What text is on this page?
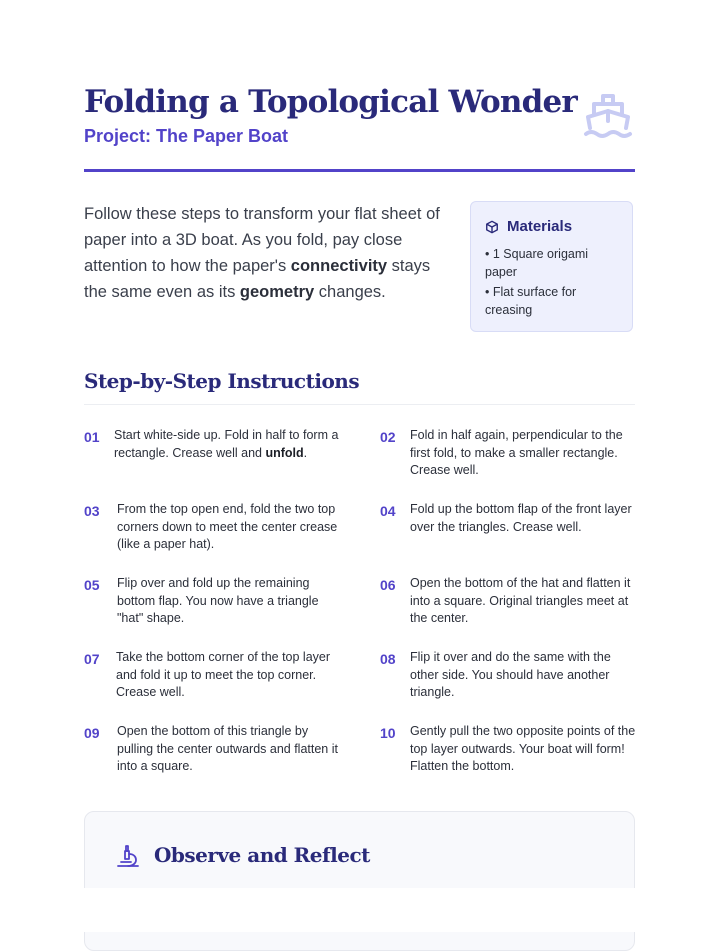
Folding a Topological Wonder
Project: The Paper Boat

Follow these steps to transform your flat sheet of paper into a 3D boat. As you fold, pay close attention to how the paper's connectivity stays the same even as its geometry changes.

Materials
• 1 Square origami paper
• Flat surface for creasing
Step-by-Step Instructions
01	Start white-side up. Fold in half to form a rectangle. Crease well and unfold.
02	Fold in half again, perpendicular to the first fold, to make a smaller rectangle. Crease well.
03	From the top open end, fold the two top corners down to meet the center crease (like a paper hat).
04	Fold up the bottom flap of the front layer over the triangles. Crease well.
05	Flip over and fold up the remaining bottom flap. You now have a triangle "hat" shape.
06	Open the bottom of the hat and flatten it into a square. Original triangles meet at the center.
07	Take the bottom corner of the top layer and fold it up to meet the top corner. Crease well.
08	Flip it over and do the same with the other side. You should have another triangle.
09	Open the bottom of this triangle by pulling the center outwards and flatten it into a square.
10	Gently pull the two opposite points of the top layer outwards. Your boat will form! Flatten the bottom.
Observe and Reflect
